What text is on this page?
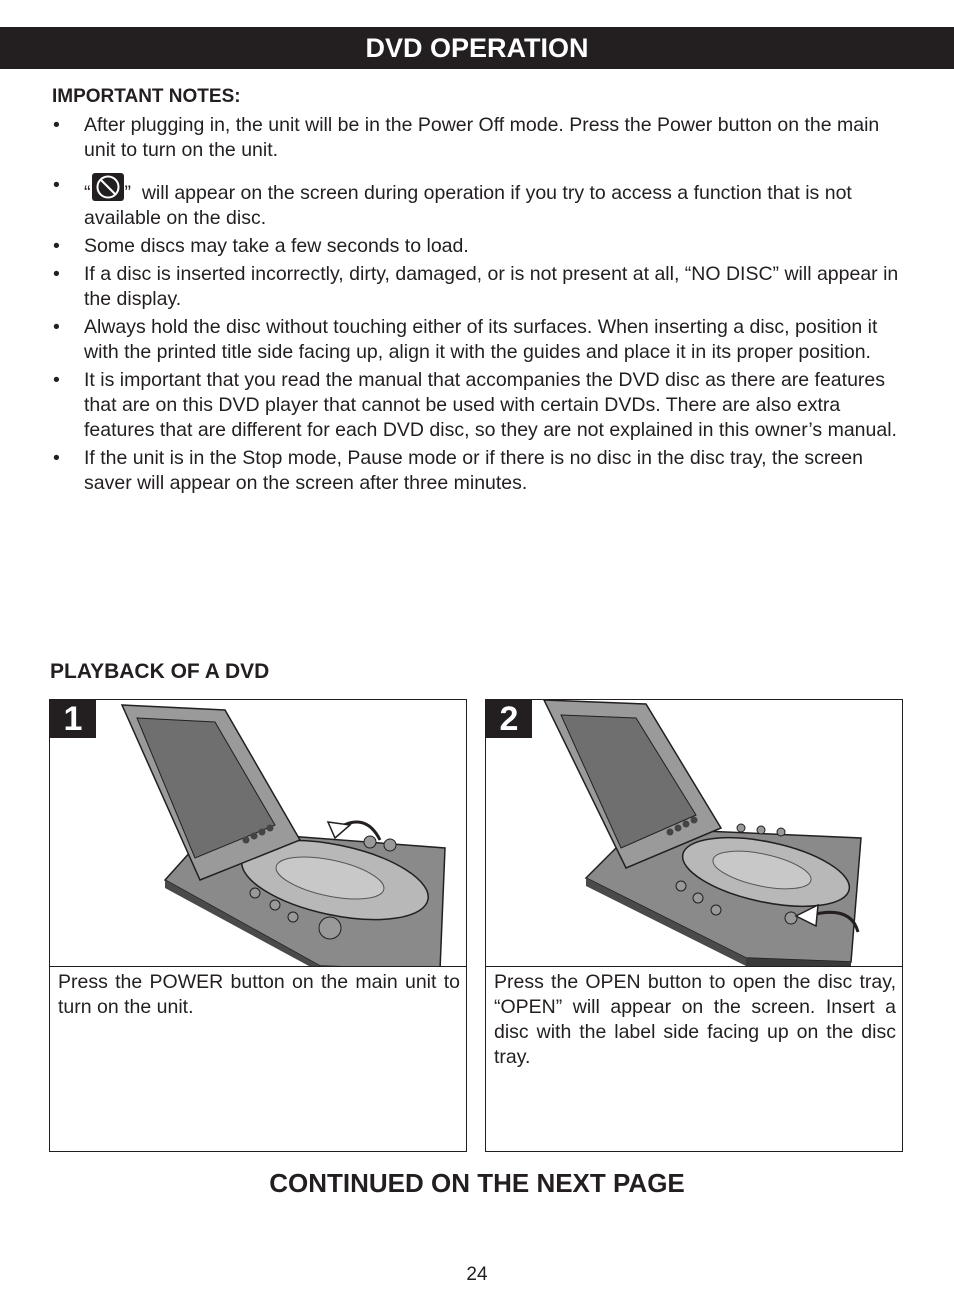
DVD OPERATION
IMPORTANT NOTES:
• After plugging in, the unit will be in the Power Off mode. Press the Power button on the main unit to turn on the unit.
• “ ” will appear on the screen during operation if you try to access a function that is not available on the disc.
• Some discs may take a few seconds to load.
• If a disc is inserted incorrectly, dirty, damaged, or is not present at all, “NO DISC” will appear in the display.
• Always hold the disc without touching either of its surfaces. When inserting a disc, position it with the printed title side facing up, align it with the guides and place it in its proper position.
• It is important that you read the manual that accompanies the DVD disc as there are features that are on this DVD player that cannot be used with certain DVDs. There are also extra features that are different for each DVD disc, so they are not explained in this owner’s manual.
• If the unit is in the Stop mode, Pause mode or if there is no disc in the disc tray, the screen saver will appear on the screen after three minutes.
PLAYBACK OF A DVD
1
Press the POWER button on the main unit to turn on the unit.
2
Press the OPEN button to open the disc tray, “OPEN” will appear on the screen. Insert a disc with the label side facing up on the disc tray.
CONTINUED ON THE NEXT PAGE
24
